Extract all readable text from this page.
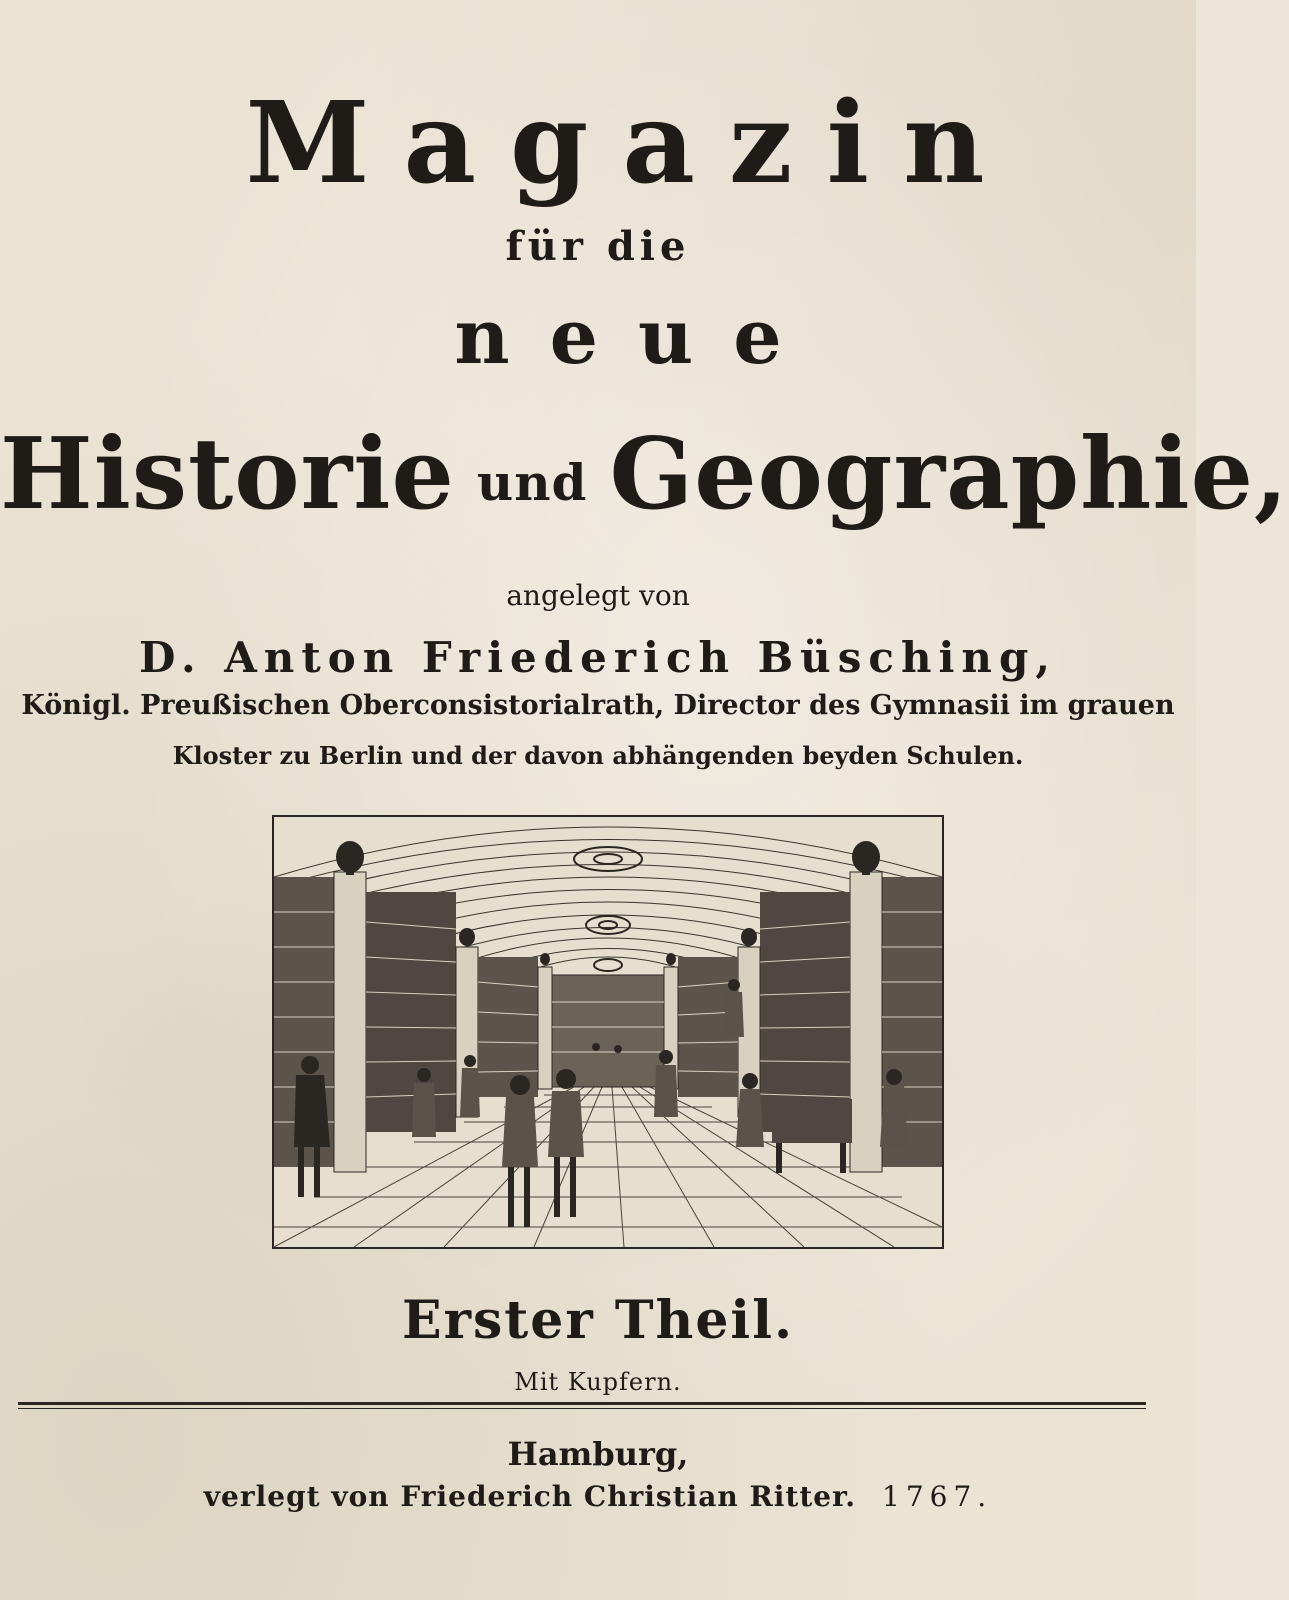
Magazin
für die
neue
Historie und Geographie,
angelegt von
D. Anton Friederich Büsching,
Königl. Preußischen Oberconsistorialrath, Director des Gymnasii im grauen
Kloster zu Berlin und der davon abhängenden beyden Schulen.
Erster Theil.
Mit Kupfern.
Hamburg,
verlegt von Friederich Christian Ritter. 1767.
